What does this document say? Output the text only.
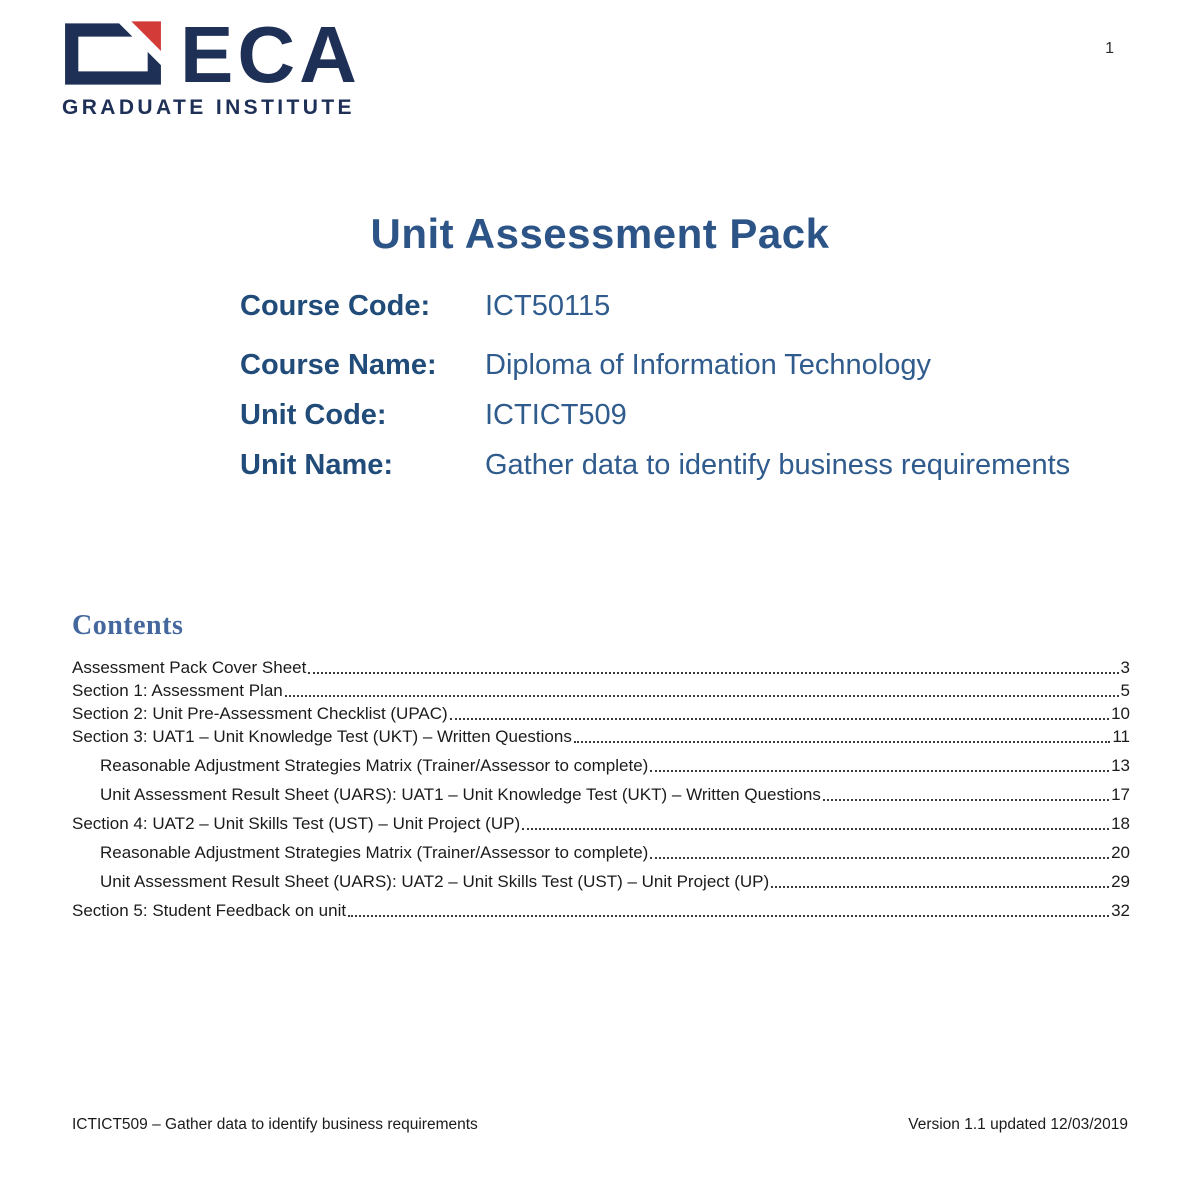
ECA
GRADUATE INSTITUTE
1
Unit Assessment Pack
Course Code:	ICT50115
Course Name:	Diploma of Information Technology
Unit Code:	ICTICT509
Unit Name:	Gather data to identify business requirements
Contents
Assessment Pack Cover Sheet	3
Section 1: Assessment Plan	5
Section 2: Unit Pre-Assessment Checklist (UPAC)	10
Section 3: UAT1 – Unit Knowledge Test (UKT) – Written Questions	11
Reasonable Adjustment Strategies Matrix (Trainer/Assessor to complete)	13
Unit Assessment Result Sheet (UARS): UAT1 – Unit Knowledge Test (UKT) – Written Questions	17
Section 4: UAT2 – Unit Skills Test (UST) – Unit Project (UP)	18
Reasonable Adjustment Strategies Matrix (Trainer/Assessor to complete)	20
Unit Assessment Result Sheet (UARS): UAT2 – Unit Skills Test (UST) – Unit Project (UP)	29
Section 5: Student Feedback on unit	32
ICTICT509 – Gather data to identify business requirements	Version 1.1 updated 12/03/2019
